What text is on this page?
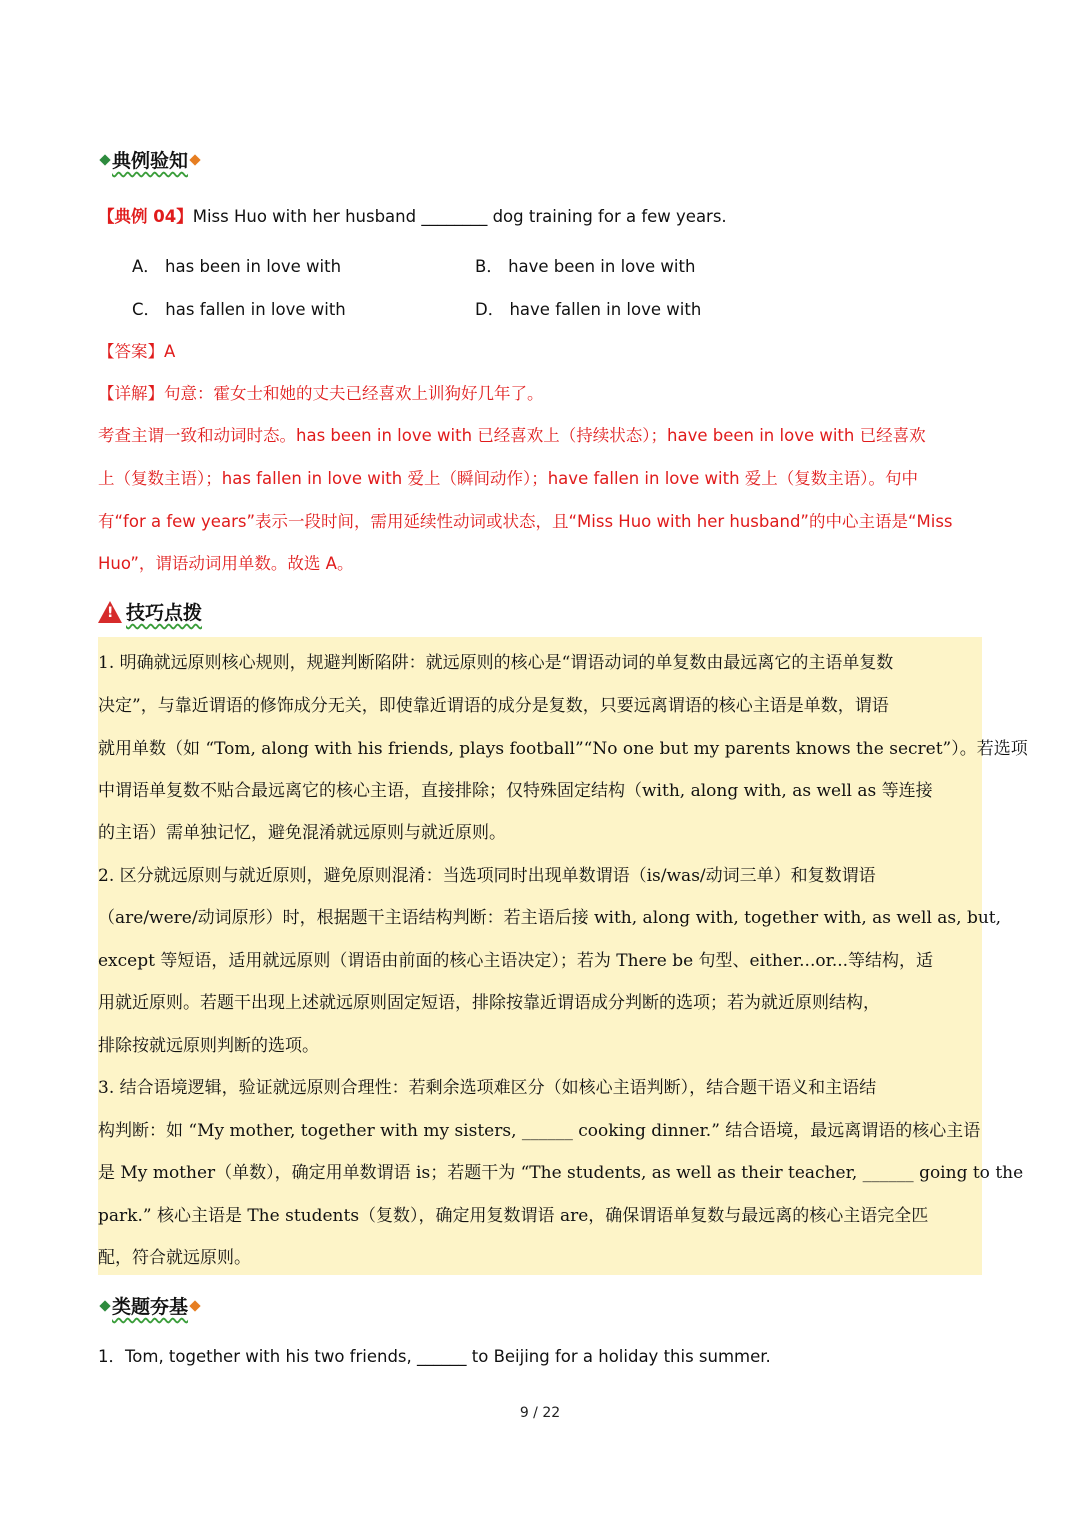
典例验知
【典例 04】Miss Huo with her husband ________ dog training for a few years.
A． has been in love with	B． have been in love with
C． has fallen in love with	D． have fallen in love with
【答案】A
【详解】句意：霍女士和她的丈夫已经喜欢上训狗好几年了。
考查主谓一致和动词时态。has been in love with 已经喜欢上（持续状态）；have been in love with 已经喜欢
上（复数主语）；has fallen in love with 爱上（瞬间动作）；have fallen in love with 爱上（复数主语）。句中
有“for a few years”表示一段时间，需用延续性动词或状态，且“Miss Huo with her husband”的中心主语是“Miss
Huo”，谓语动词用单数。故选 A。
!
技巧点拨
1. 明确就远原则核心规则，规避判断陷阱：就远原则的核心是“谓语动词的单复数由最远离它的主语单复数
决定”，与靠近谓语的修饰成分无关，即使靠近谓语的成分是复数，只要远离谓语的核心主语是单数，谓语
就用单数（如 “Tom, along with his friends, plays football”“No one but my parents knows the secret”）。若选项
中谓语单复数不贴合最远离它的核心主语，直接排除；仅特殊固定结构（with, along with, as well as 等连接
的主语）需单独记忆，避免混淆就远原则与就近原则。
2. 区分就远原则与就近原则，避免原则混淆：当选项同时出现单数谓语（is/was/动词三单）和复数谓语
（are/were/动词原形）时，根据题干主语结构判断：若主语后接 with, along with, together with, as well as, but,
except 等短语，适用就远原则（谓语由前面的核心主语决定）；若为 There be 句型、either...or...等结构，适
用就近原则。若题干出现上述就远原则固定短语，排除按靠近谓语成分判断的选项；若为就近原则结构，
排除按就远原则判断的选项。
3. 结合语境逻辑，验证就远原则合理性：若剩余选项难区分（如核心主语判断），结合题干语义和主语结
构判断：如 “My mother, together with my sisters, ______ cooking dinner.” 结合语境，最远离谓语的核心主语
是 My mother（单数），确定用单数谓语 is；若题干为 “The students, as well as their teacher, ______ going to the
park.” 核心主语是 The students（复数），确定用复数谓语 are，确保谓语单复数与最远离的核心主语完全匹
配，符合就远原则。
类题夯基
1．Tom, together with his two friends, ______ to Beijing for a holiday this summer.
9 / 22
